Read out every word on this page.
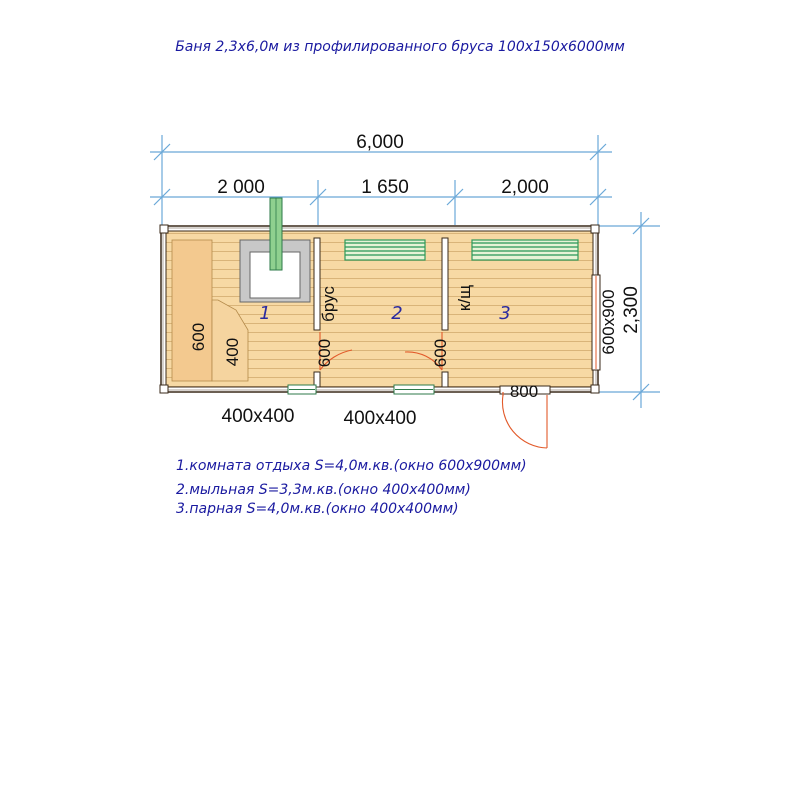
Баня 2,3х6,0м из профилированного бруса 100х150х6000мм
6,000
2 000	1 650	2,000
2,300
600
400
брус	к/щ
600	600
800
600x900
1	2	3
400x400	400x400
1.комната отдыха S=4,0м.кв.(окно 600х900мм)
2.мыльная S=3,3м.кв.(окно 400х400мм)
3.парная S=4,0м.кв.(окно 400х400мм)
